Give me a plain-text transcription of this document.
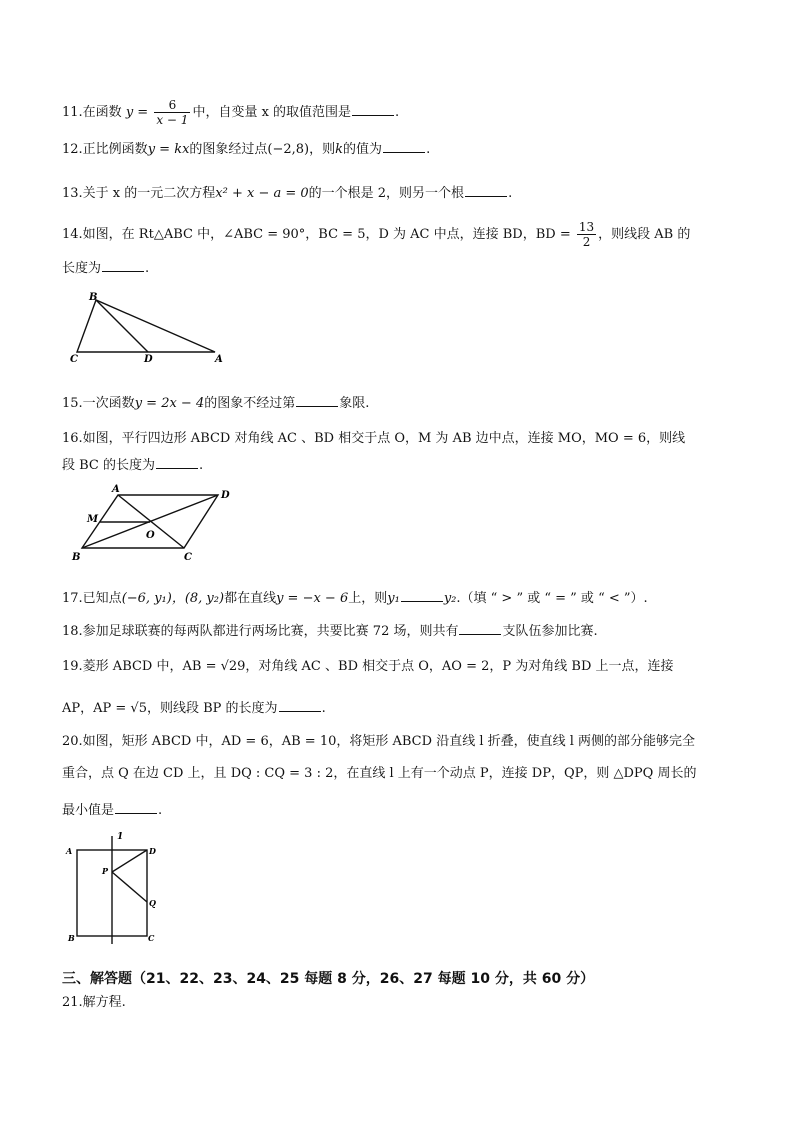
11.在函数 $y = \frac{6}{x - 1}$ 中，自变量 x 的取值范围是	.
12.正比例函数y = kx的图象经过点(−2,8)，则k的值为	.
13.关于 x 的一元二次方程x² + x − a = 0的一个根是 2，则另一个根	.
14.如图，在 Rt△ABC 中，∠ABC = 90°，BC = 5，D 为 AC 中点，连接 BD，BD = $\frac{13}{2}$ ，则线段 AB 的
长度为	.
B
C	D	A
15.一次函数y = 2x − 4的图象不经过第	象限.
16.如图，平行四边形 ABCD 对角线 AC 、BD 相交于点 O，M 为 AB 边中点，连接 MO，MO = 6，则线
段 BC 的长度为	.
A
D
M
O
B	C
17.已知点(−6, y₁)，(8, y₂)都在直线y = −x − 6上，则y₁	y₂.（填 “ > ” 或 “ = ” 或 “ < ”）.
18.参加足球联赛的每两队都进行两场比赛，共要比赛 72 场，则共有	支队伍参加比赛.
19.菱形 ABCD 中，AB = √29，对角线 AC 、BD 相交于点 O，AO = 2，P 为对角线 BD 上一点，连接
AP，AP = √5，则线段 BP 的长度为	.
20.如图，矩形 ABCD 中，AD = 6，AB = 10，将矩形 ABCD 沿直线 l 折叠，使直线 l 两侧的部分能够完全
重合，点 Q 在边 CD 上，且 DQ : CQ = 3 : 2，在直线 l 上有一个动点 P，连接 DP，QP，则 △DPQ 周长的
最小值是	.
1
A	D
P
Q
B	C
三、解答题（21、22、23、24、25 每题 8 分，26、27 每题 10 分，共 60 分）
21.解方程.
